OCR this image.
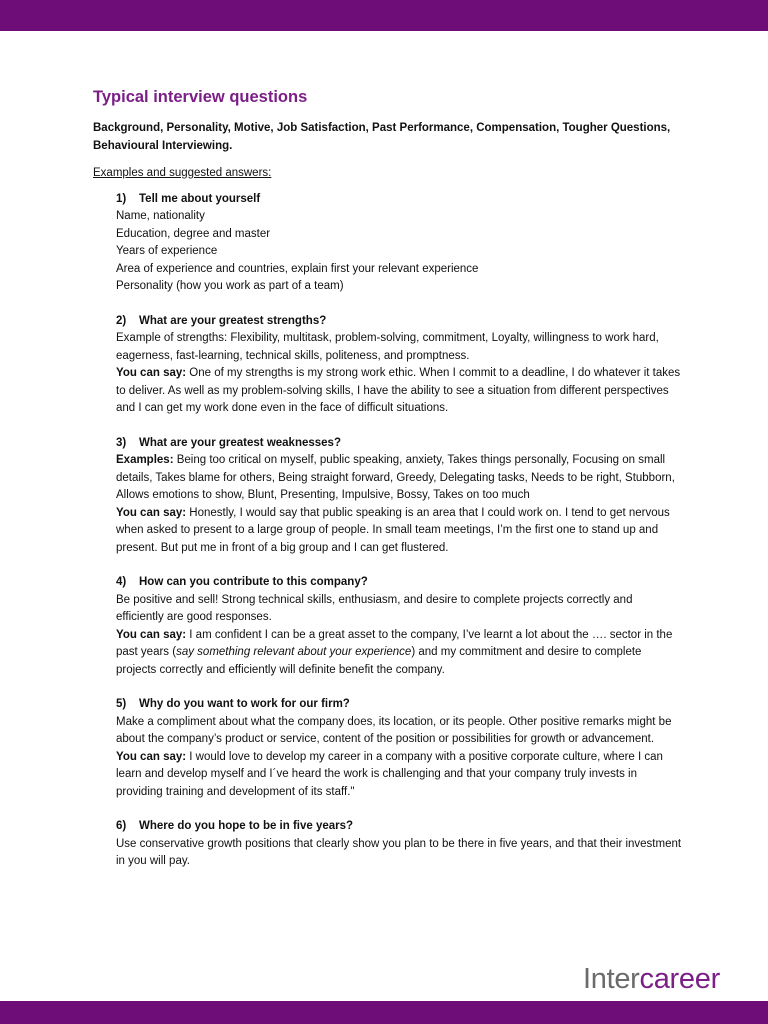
Typical interview questions

Background, Personality, Motive, Job Satisfaction, Past Performance, Compensation, Tougher Questions, Behavioural Interviewing.

Examples and suggested answers:

1) Tell me about yourself

Name, nationality

Education, degree and master

Years of experience

Area of experience and countries, explain first your relevant experience

Personality (how you work as part of a team)

2) What are your greatest strengths?

Example of strengths: Flexibility, multitask, problem-solving, commitment, Loyalty, willingness to work hard, eagerness, fast-learning, technical skills, politeness, and promptness.

You can say: One of my strengths is my strong work ethic. When I commit to a deadline, I do whatever it takes to deliver. As well as my problem-solving skills, I have the ability to see a situation from different perspectives and I can get my work done even in the face of difficult situations.

3) What are your greatest weaknesses?

Examples: Being too critical on myself, public speaking, anxiety, Takes things personally, Focusing on small details, Takes blame for others, Being straight forward, Greedy, Delegating tasks, Needs to be right, Stubborn, Allows emotions to show, Blunt, Presenting, Impulsive, Bossy, Takes on too much

You can say: Honestly, I would say that public speaking is an area that I could work on. I tend to get nervous when asked to present to a large group of people. In small team meetings, I’m the first one to stand up and present. But put me in front of a big group and I can get flustered.

4) How can you contribute to this company?

Be positive and sell! Strong technical skills, enthusiasm, and desire to complete projects correctly and efficiently are good responses.

You can say: I am confident I can be a great asset to the company, I’ve learnt a lot about the …. sector in the past years (say something relevant about your experience) and my commitment and desire to complete projects correctly and efficiently will definite benefit the company.

5) Why do you want to work for our firm?

Make a compliment about what the company does, its location, or its people. Other positive remarks might be about the company’s product or service, content of the position or possibilities for growth or advancement.

You can say: I would love to develop my career in a company with a positive corporate culture, where I can learn and develop myself and I´ve heard the work is challenging and that your company truly invests in providing training and development of its staff."

6) Where do you hope to be in five years?

Use conservative growth positions that clearly show you plan to be there in five years, and that their investment in you will pay.

Intercareer
